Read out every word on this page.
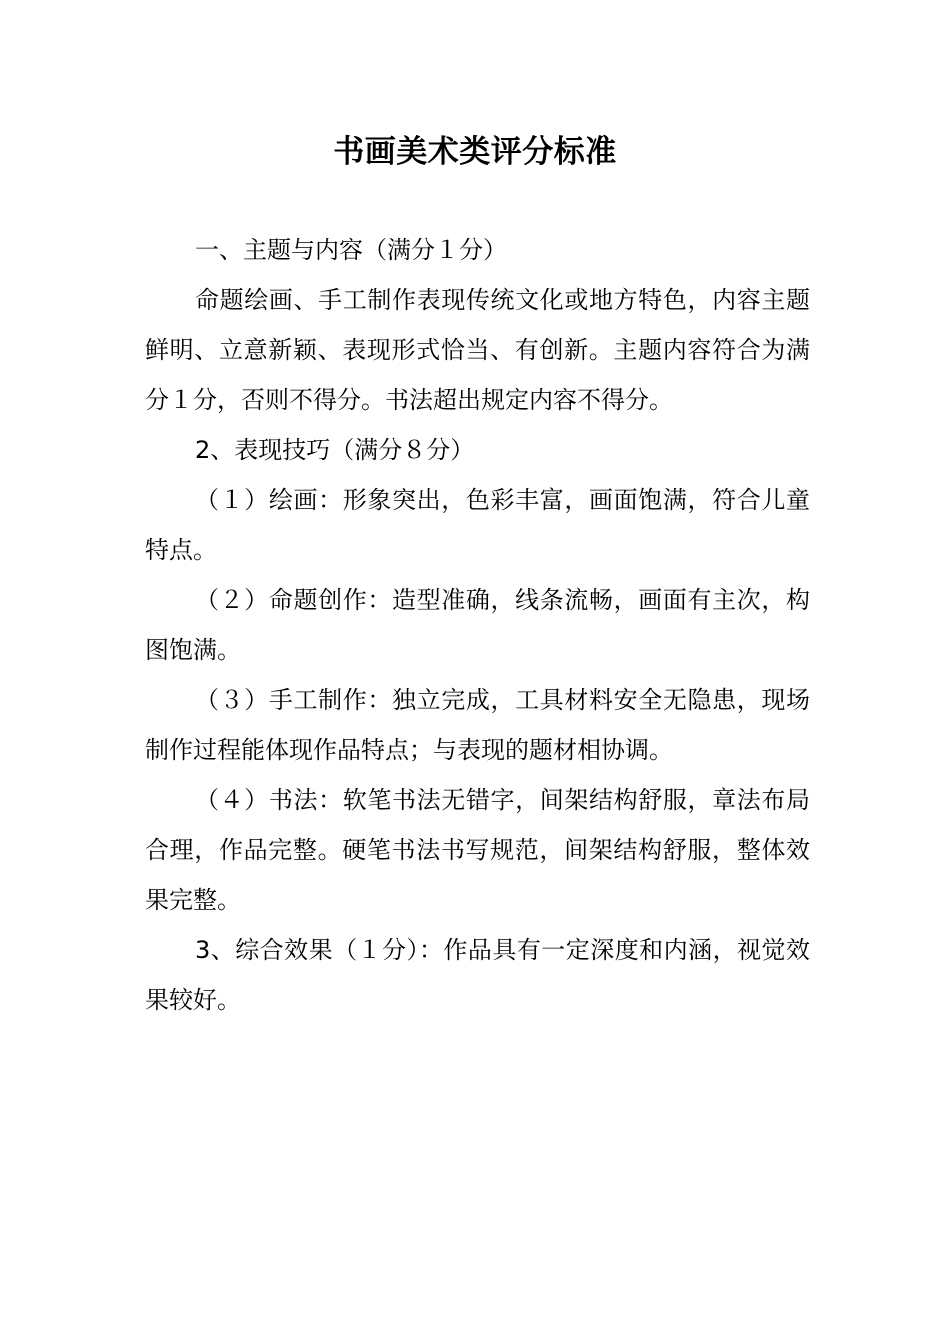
书画美术类评分标准

一、主题与内容（满分１分）

命题绘画、手工制作表现传统文化或地方特色，内容主题鲜明、立意新颖、表现形式恰当、有创新。主题内容符合为满分１分，否则不得分。书法超出规定内容不得分。

2、表现技巧（满分８分）

（１）绘画：形象突出，色彩丰富，画面饱满，符合儿童特点。

（２）命题创作：造型准确，线条流畅，画面有主次，构图饱满。

（３）手工制作：独立完成，工具材料安全无隐患，现场制作过程能体现作品特点；与表现的题材相协调。

（４）书法：软笔书法无错字，间架结构舒服，章法布局合理，作品完整。硬笔书法书写规范，间架结构舒服，整体效果完整。

3、综合效果（１分）：作品具有一定深度和内涵，视觉效果较好。
